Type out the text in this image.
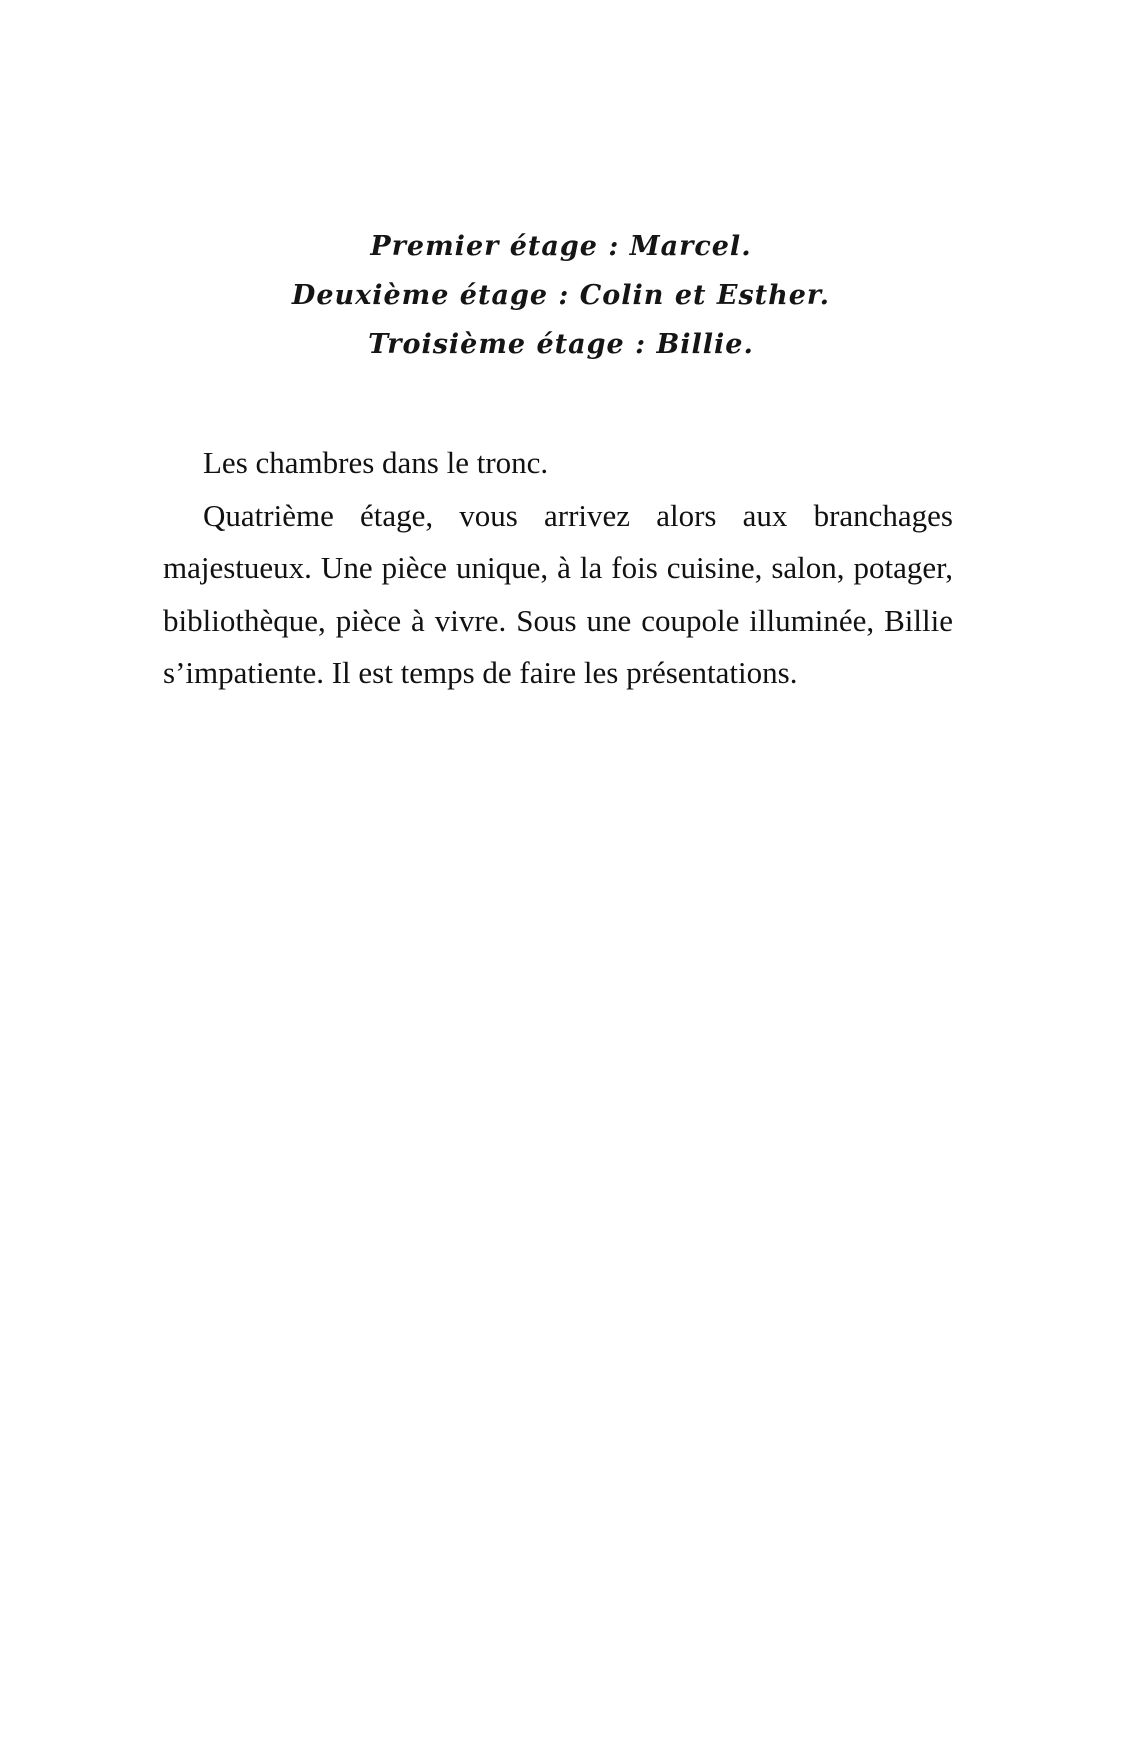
Premier étage : Marcel.

Deuxième étage : Colin et Esther.

Troisième étage : Billie.

Les chambres dans le tronc.

Quatrième étage, vous arrivez alors aux branchages majestueux. Une pièce unique, à la fois cuisine, salon, potager, bibliothèque, pièce à vivre. Sous une coupole illuminée, Billie s’impatiente. Il est temps de faire les présentations.
